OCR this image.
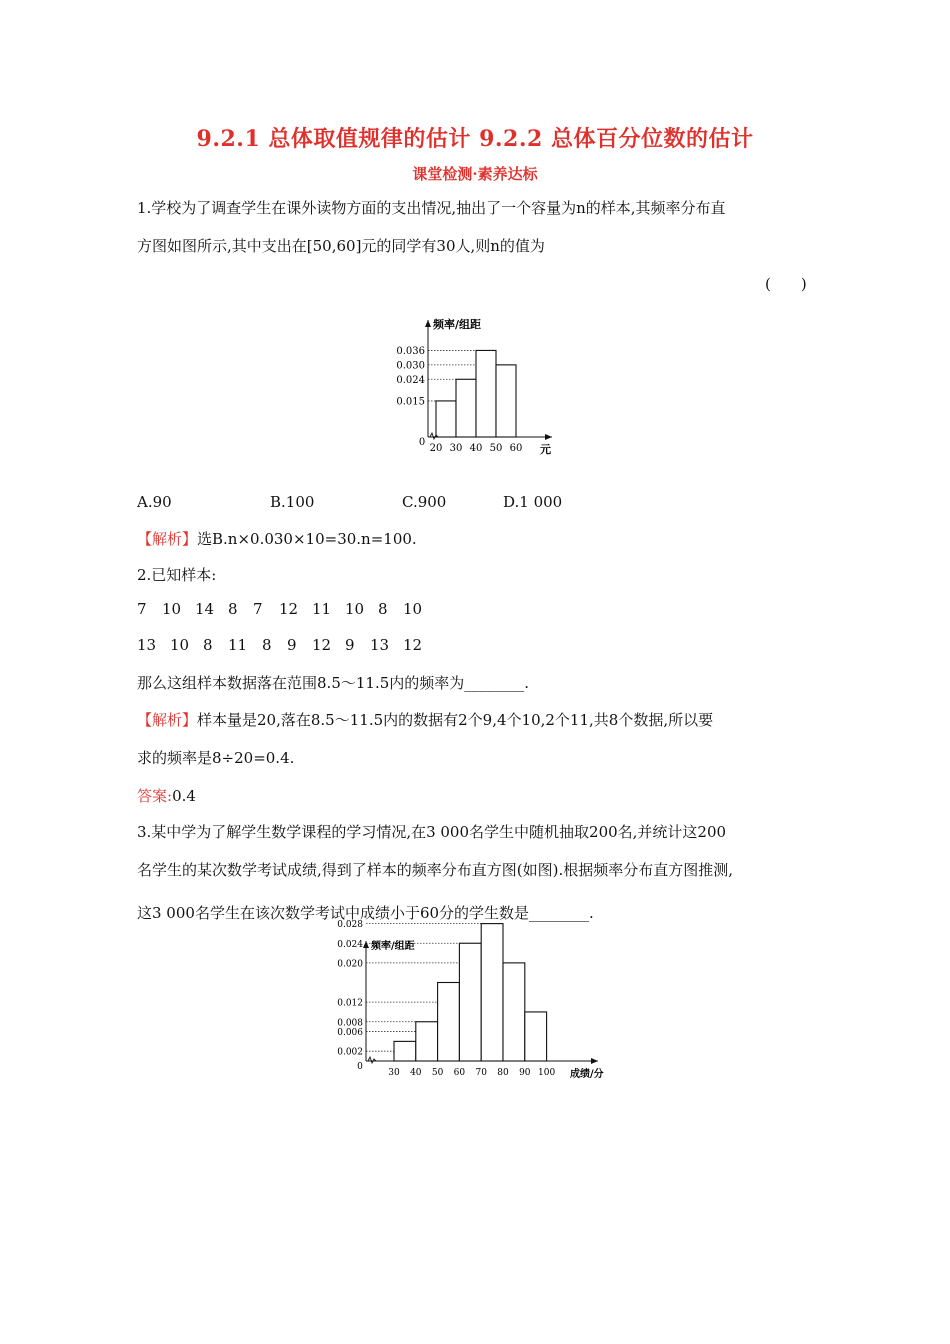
9.2.1 总体取值规律的估计 9.2.2 总体百分位数的估计
课堂检测·素养达标
1.学校为了调查学生在课外读物方面的支出情况,抽出了一个容量为n的样本,其频率分布直
方图如图所示,其中支出在[50,60]元的同学有30人,则n的值为
(　　)
0.036
0.030
0.024
0.015
20 30 40 50 60
0
频率/组距
元
A.90	B.100	C.900	D.1 000
【解析】选B.n×0.030×10=30.n=100.
2.已知样本:
7 10 14 8 7 12 11 10 8 10
13 10 8 11 8 9 12 9 13 12
那么这组样本数据落在范围8.5～11.5内的频率为________.
【解析】样本量是20,落在8.5～11.5内的数据有2个9,4个10,2个11,共8个数据,所以要
求的频率是8÷20=0.4.
答案:0.4
3.某中学为了解学生数学课程的学习情况,在3 000名学生中随机抽取200名,并统计这200
名学生的某次数学考试成绩,得到了样本的频率分布直方图(如图).根据频率分布直方图推测,
这3 000名学生在该次数学考试中成绩小于60分的学生数是________.
0.028
0.024
0.020
0.012
0.008
0.006
0.002
30 40 50 60 70 80 90 100
0
频率/组距
成绩/分
